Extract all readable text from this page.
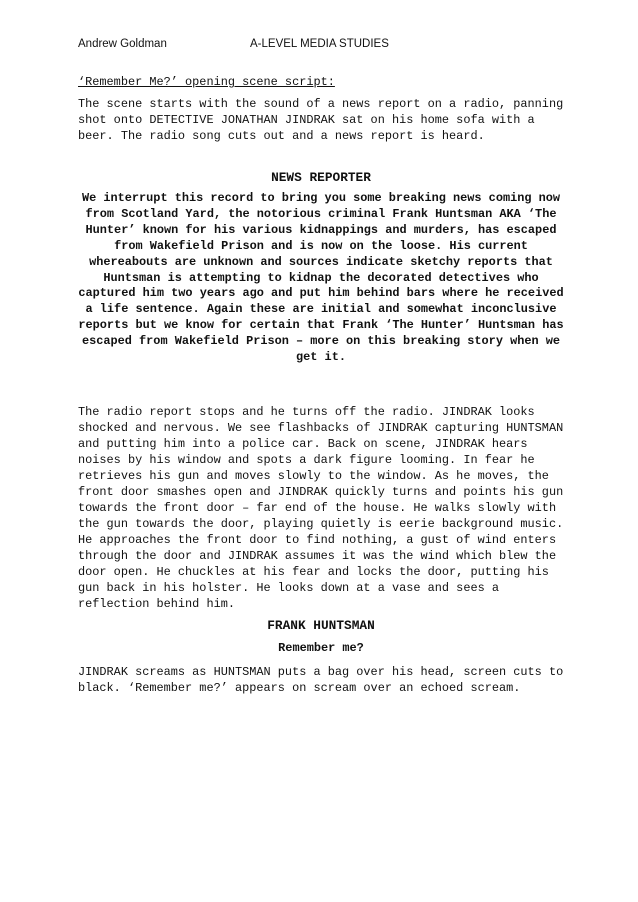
Andrew Goldman	A-LEVEL MEDIA STUDIES

‘Remember Me?’ opening scene script:

The scene starts with the sound of a news report on a radio, panning shot onto DETECTIVE JONATHAN JINDRAK sat on his home sofa with a beer. The radio song cuts out and a news report is heard.

NEWS REPORTER

We interrupt this record to bring you some breaking news coming now from Scotland Yard, the notorious criminal Frank Huntsman AKA ‘The Hunter’ known for his various kidnappings and murders, has escaped from Wakefield Prison and is now on the loose. His current whereabouts are unknown and sources indicate sketchy reports that Huntsman is attempting to kidnap the decorated detectives who captured him two years ago and put him behind bars where he received a life sentence. Again these are initial and somewhat inconclusive reports but we know for certain that Frank ‘The Hunter’ Huntsman has escaped from Wakefield Prison – more on this breaking story when we get it.

The radio report stops and he turns off the radio. JINDRAK looks shocked and nervous. We see flashbacks of JINDRAK capturing HUNTSMAN and putting him into a police car. Back on scene, JINDRAK hears noises by his window and spots a dark figure looming. In fear he retrieves his gun and moves slowly to the window. As he moves, the front door smashes open and JINDRAK quickly turns and points his gun towards the front door – far end of the house. He walks slowly with the gun towards the door, playing quietly is eerie background music. He approaches the front door to find nothing, a gust of wind enters through the door and JINDRAK assumes it was the wind which blew the door open. He chuckles at his fear and locks the door, putting his gun back in his holster. He looks down at a vase and sees a reflection behind him.

FRANK HUNTSMAN

Remember me?

JINDRAK screams as HUNTSMAN puts a bag over his head, screen cuts to black. ‘Remember me?’ appears on scream over an echoed scream.
